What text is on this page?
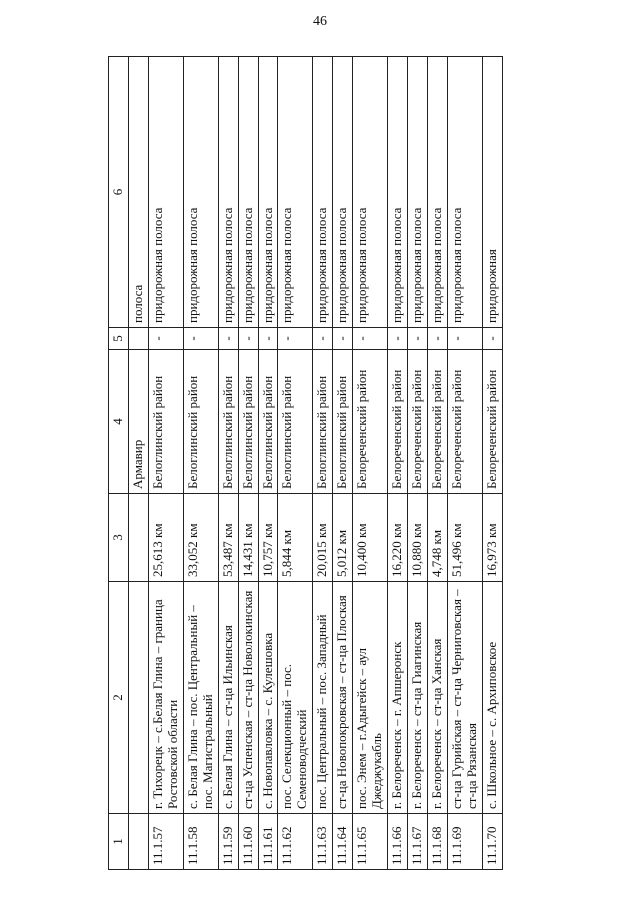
46
1	2	3	4	5	6
			Армавир		полоса
11.1.57	г. Тихорецк – с.Белая Глина – граница Ростовской области	25,613 км	Белоглинский район	-	придорожная полоса
11.1.58	с. Белая Глина – пос. Центральный – пос. Магистральный	33,052 км	Белоглинский район	-	придорожная полоса
11.1.59	с. Белая Глина – ст-ца Ильинская	53,487 км	Белоглинский район	-	придорожная полоса
11.1.60	ст-ца Успенская – ст-ца Новолокинская	14,431 км	Белоглинский район	-	придорожная полоса
11.1.61	с. Новопавловка – с. Кулешовка	10,757 км	Белоглинский район	-	придорожная полоса
11.1.62	пос. Селекционный – пос. Семеноводческий	5,844 км	Белоглинский район	-	придорожная полоса
11.1.63	пос. Центральный – пос. Западный	20,015 км	Белоглинский район	-	придорожная полоса
11.1.64	ст-ца Новопокровская – ст-ца Плоская	5,012 км	Белоглинский район	-	придорожная полоса
11.1.65	пос. Энем – г.Адыгейск – аул Джеджукабль	10,400 км	Белореченский район	-	придорожная полоса
11.1.66	г. Белореченск – г. Апшеронск	16,220 км	Белореченский район	-	придорожная полоса
11.1.67	г. Белореченск – ст-ца Гиагинская	10,880 км	Белореченский район	-	придорожная полоса
11.1.68	г. Белореченск – ст-ца Ханская	4,748 км	Белореченский район	-	придорожная полоса
11.1.69	ст-ца Гурийская – ст-ца Черниговская – ст-ца Рязанская	51,496 км	Белореченский район	-	придорожная полоса
11.1.70	с. Школьное – с. Архиповское	16,973 км	Белореченский район	-	придорожная
